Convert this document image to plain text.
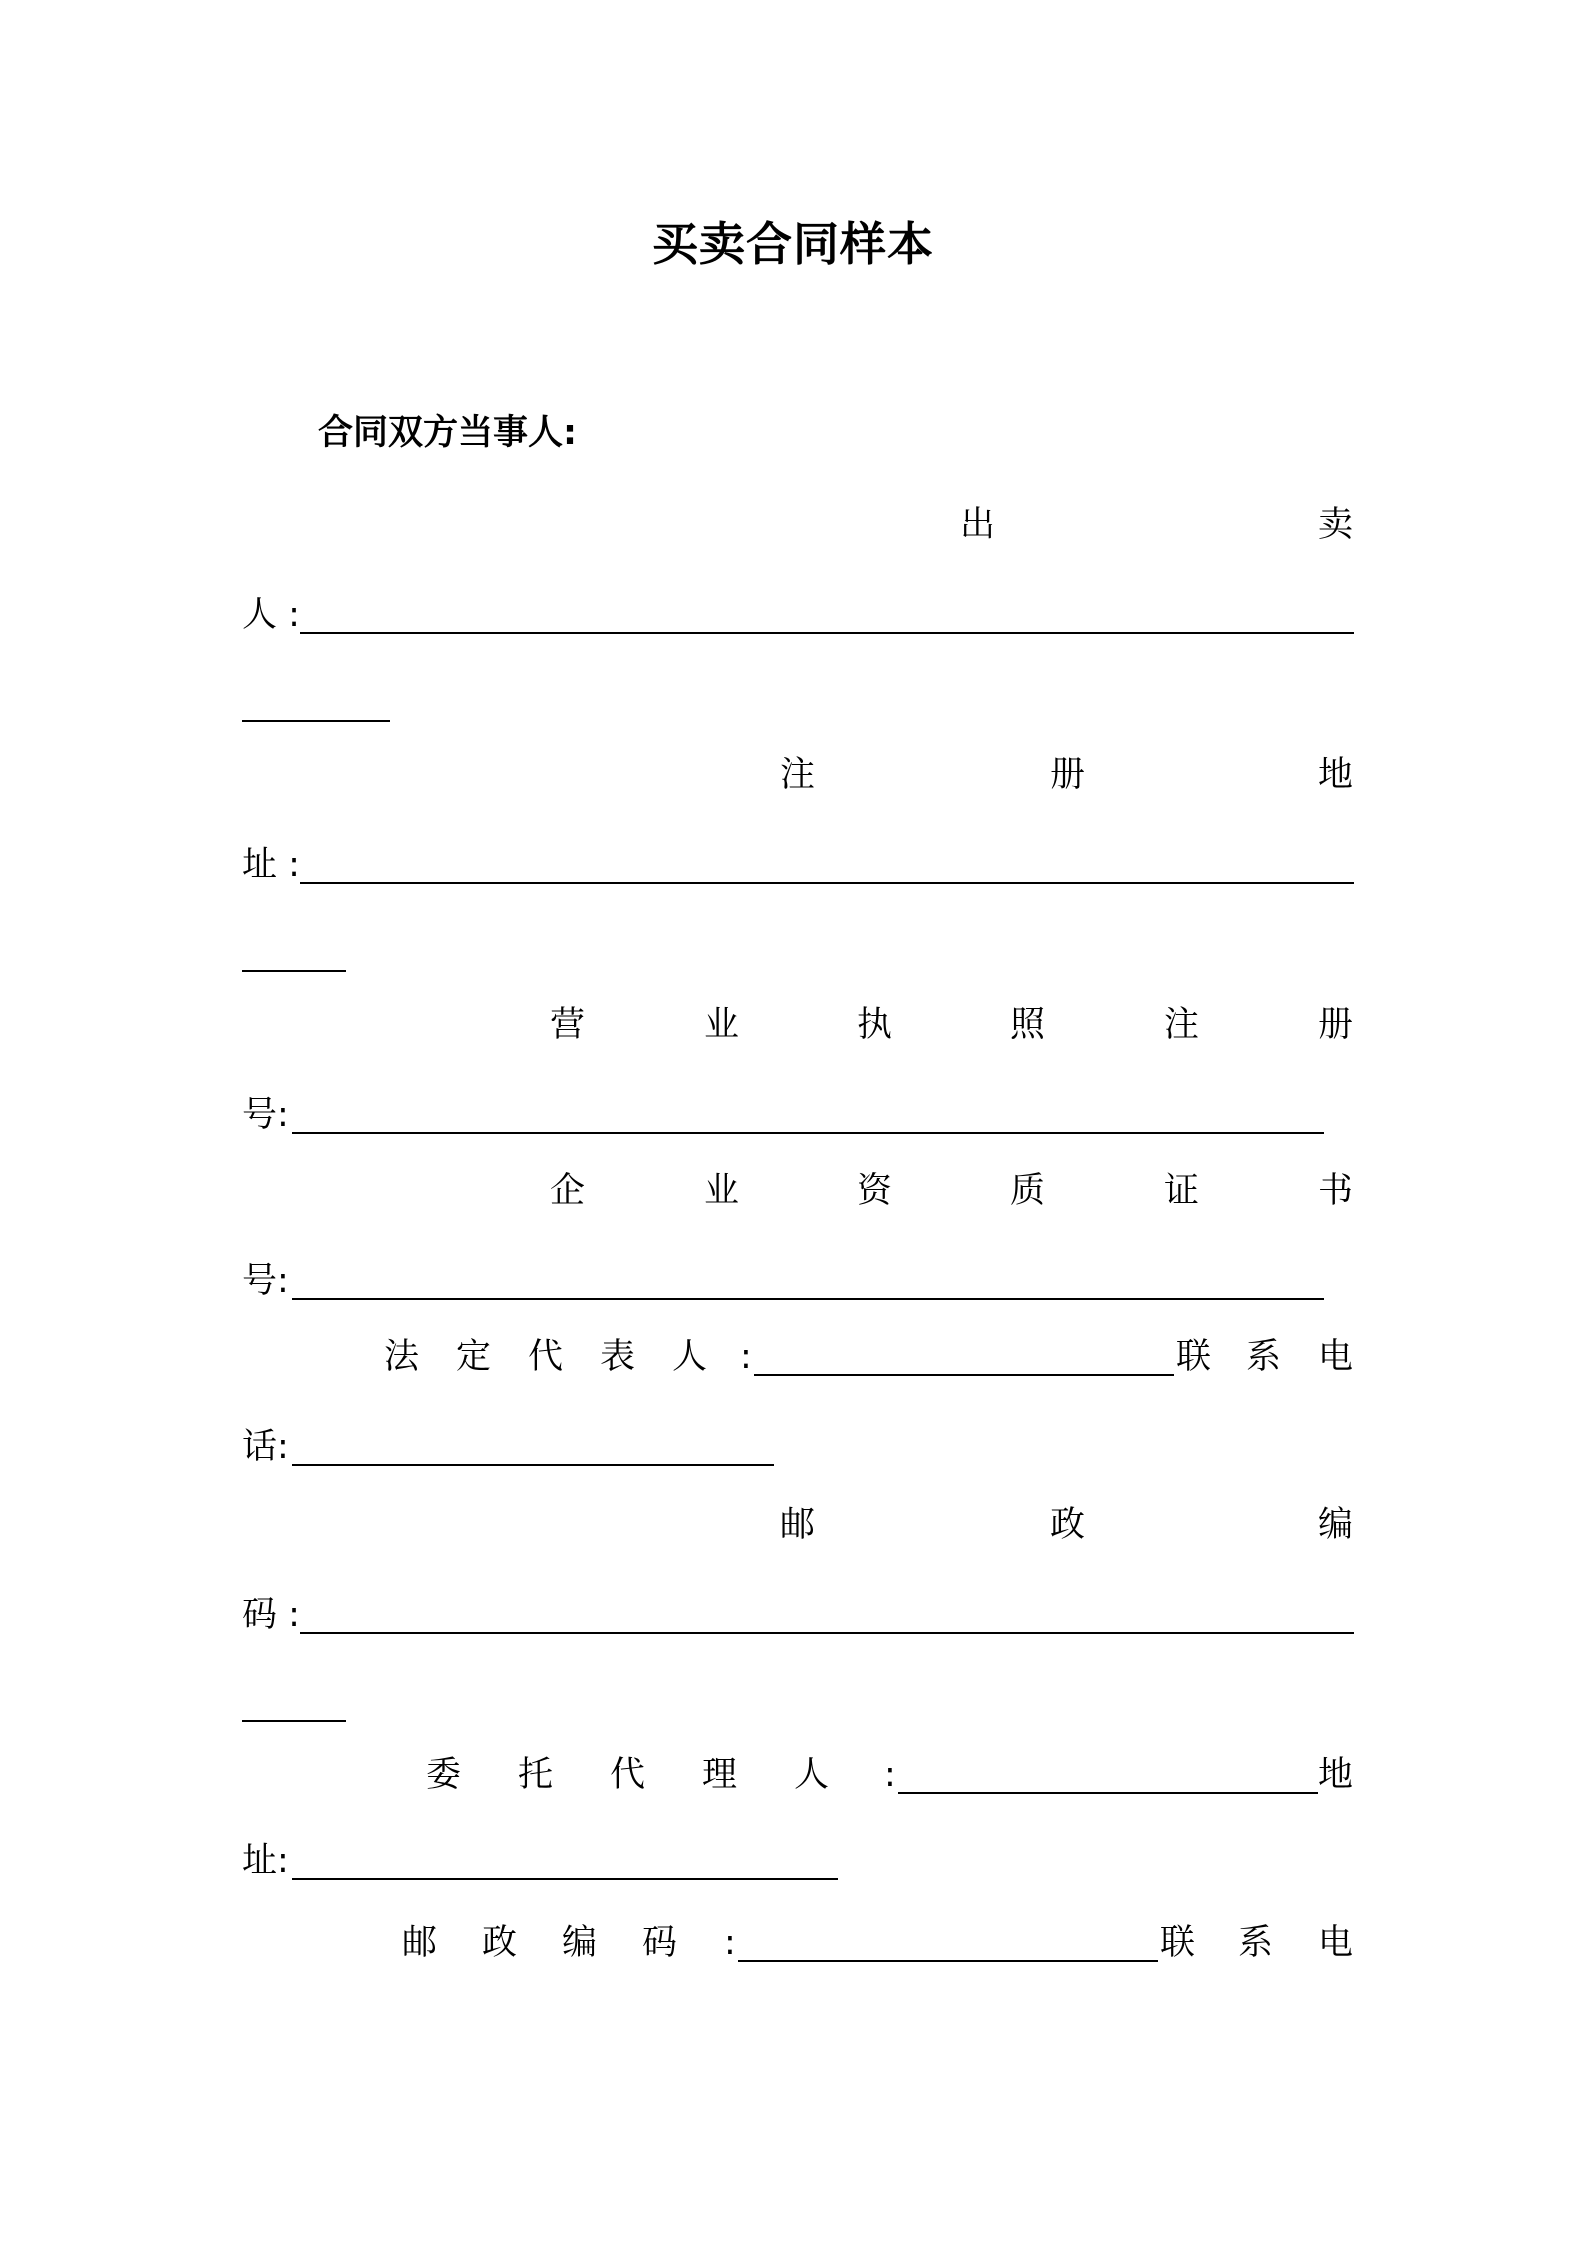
买卖合同样本
合同双方当事人:
出	卖
人 :
注	册	地
址 :
营	业	执	照	注	册
号:
企	业	资	质	证	书
号:
法 定 代 表 人 :	联 系 电
话:
邮	政	编
码 :
委 托 代 理 人 :	地
址:
邮 政 编 码 :	联 系 电
